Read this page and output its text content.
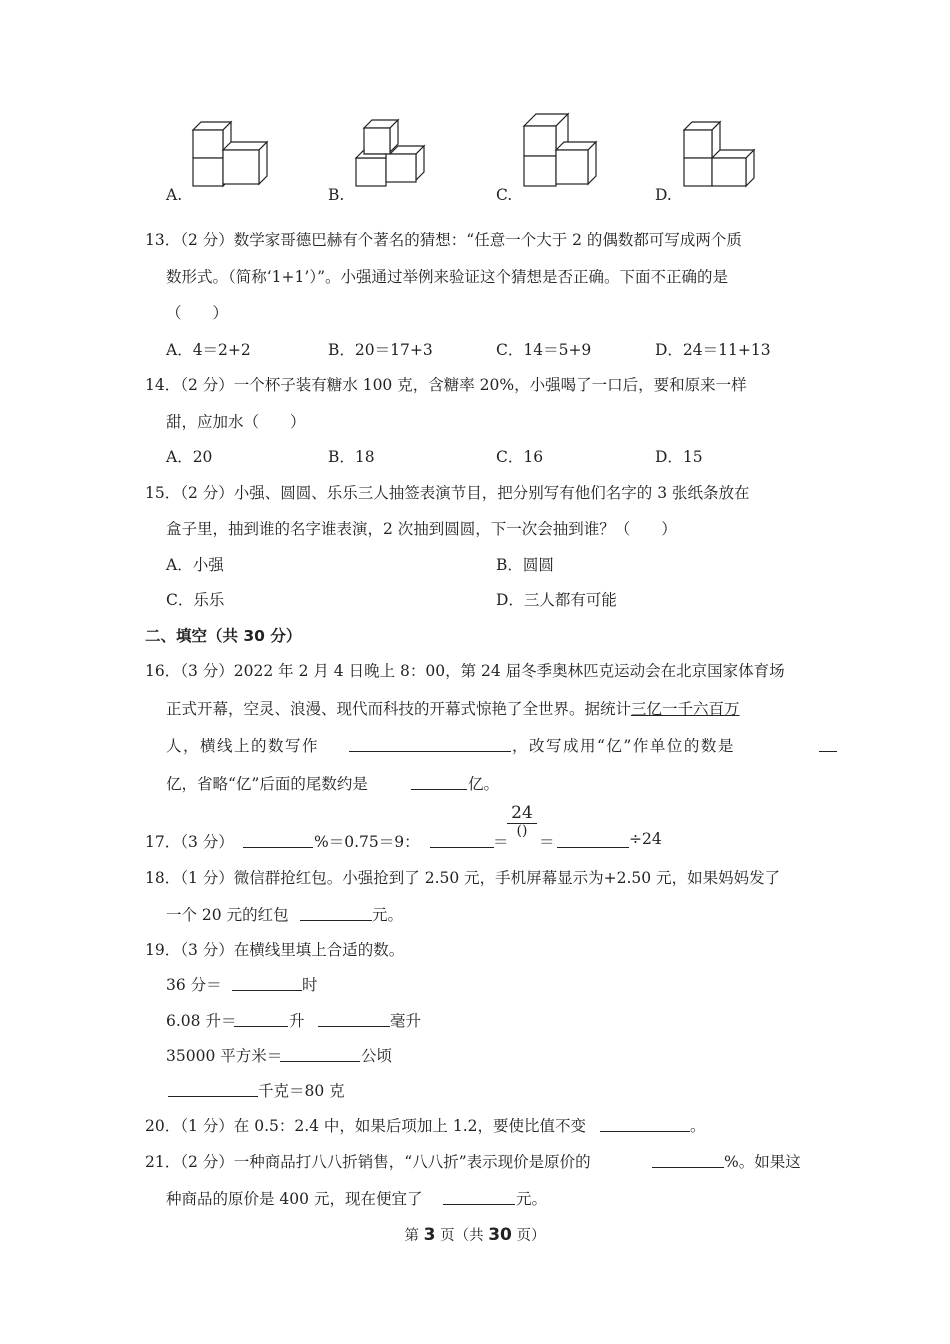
A.	B.	C.	D.
13．（2 分）数学家哥德巴赫有个著名的猜想：“任意一个大于 2 的偶数都可写成两个质
数形式。（简称‘1+1’）”。小强通过举例来验证这个猜想是否正确。下面不正确的是
（　　）
A．4＝2+2	B．20＝17+3	C．14＝5+9	D．24＝11+13
14．（2 分）一个杯子装有糖水 100 克，含糖率 20%，小强喝了一口后，要和原来一样
甜，应加水（　　）
A．20	B．18	C．16	D．15
15．（2 分）小强、圆圆、乐乐三人抽签表演节目，把分别写有他们名字的 3 张纸条放在
盒子里，抽到谁的名字谁表演，2 次抽到圆圆，下一次会抽到谁？（　　）
A．小强	B．圆圆
C．乐乐	D．三人都有可能
二、填空（共 30 分）
16．（3 分）2022 年 2 月 4 日晚上 8：00，第 24 届冬季奥林匹克运动会在北京国家体育场
正式开幕，空灵、浪漫、现代而科技的开幕式惊艳了全世界。据统计三亿一千六百万
人，横线上的数写作	，改写成用“亿”作单位的数是
亿，省略“亿”后面的尾数约是	亿。
17．（3 分）	%＝0.75＝9：	＝
24
()
＝	÷24
18．（1 分）微信群抢红包。小强抢到了 2.50 元，手机屏幕显示为+2.50 元，如果妈妈发了
一个 20 元的红包	元。
19．（3 分）在横线里填上合适的数。
36 分＝	时
6.08 升＝	升	毫升
35000 平方米＝	公顷
千克＝80 克
20．（1 分）在 0.5：2.4 中，如果后项加上 1.2，要使比值不变	。
21．（2 分）一种商品打八八折销售，“八八折”表示现价是原价的	%。如果这
种商品的原价是 400 元，现在便宜了	元。
第 3 页（共 30 页）
